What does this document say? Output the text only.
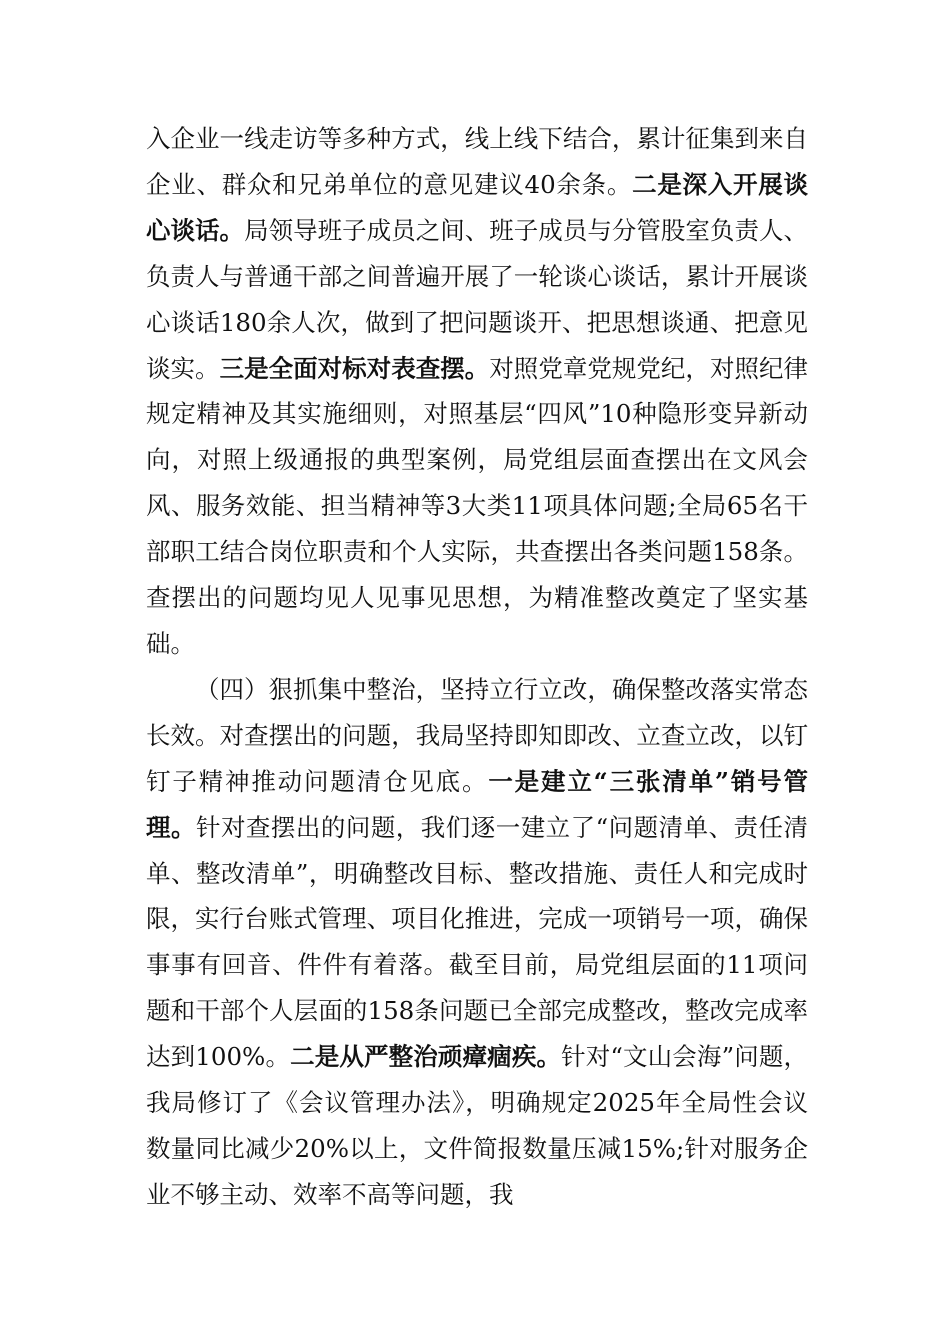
入企业一线走访等多种方式，线上线下结合，累计征集到来自企业、群众和兄弟单位的意见建议40余条。二是深入开展谈心谈话。局领导班子成员之间、班子成员与分管股室负责人、负责人与普通干部之间普遍开展了一轮谈心谈话，累计开展谈心谈话180余人次，做到了把问题谈开、把思想谈通、把意见谈实。三是全面对标对表查摆。对照党章党规党纪，对照纪律规定精神及其实施细则，对照基层“四风”10种隐形变异新动向，对照上级通报的典型案例，局党组层面查摆出在文风会风、服务效能、担当精神等3大类11项具体问题;全局65名干部职工结合岗位职责和个人实际，共查摆出各类问题158条。查摆出的问题均见人见事见思想，为精准整改奠定了坚实基础。

（四）狠抓集中整治，坚持立行立改，确保整改落实常态长效。对查摆出的问题，我局坚持即知即改、立查立改，以钉钉子精神推动问题清仓见底。一是建立“三张清单”销号管理。针对查摆出的问题，我们逐一建立了“问题清单、责任清单、整改清单”，明确整改目标、整改措施、责任人和完成时限，实行台账式管理、项目化推进，完成一项销号一项，确保事事有回音、件件有着落。截至目前，局党组层面的11项问题和干部个人层面的158条问题已全部完成整改，整改完成率达到100%。二是从严整治顽瘴痼疾。针对“文山会海”问题，我局修订了《会议管理办法》，明确规定2025年全局性会议数量同比减少20%以上，文件简报数量压减15%;针对服务企业不够主动、效率不高等问题，我
